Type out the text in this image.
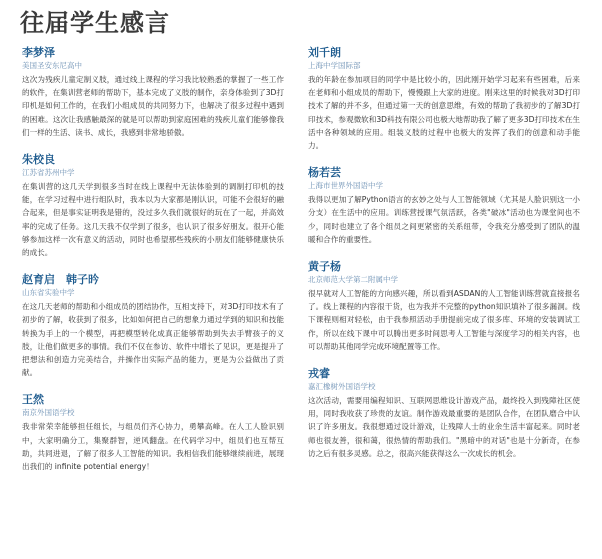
往届学生感言

李梦泽

美国圣安东尼高中

这次为残疾儿童定制义肢，通过线上课程的学习我比较熟悉的掌握了一些工作的软件，在集训营老师的帮助下，基本完成了义肢的制作，亲身体验到了3D打印机是如何工作的，在我们小组成员的共同努力下，也解决了很多过程中遇到的困难。这次让我感触最深的就是可以帮助到家庭困难的残疾儿童们能够像我们一样的生活、读书、成长，我感到非常地骄傲。

朱校良

江苏省苏州中学

在集训营的这几天学到很多当时在线上课程中无法体验到的调制打印机的技能，在学习过程中进行组队时，我本以为大家都是刚认识，可能不会很好的融合起来，但是事实证明我是错的，没过多久我们就很好的玩在了一起，并高效率的完成了任务。这几天我不仅学到了很多，也认识了很多好朋友。很开心能够参加这样一次有意义的活动，同时也希望那些残疾的小朋友们能够健康快乐的成长。

赵育启　韩子昑

山东省实验中学

在这几天老师的帮助和小组成员的团结协作，互相支持下，对3D打印技术有了初步的了解，收获到了很多，比如如何把自己的想象力通过学到的知识和技能转换为手上的一个模型，再把模型转化成真正能够帮助到失去手臂孩子的义肢，让他们做更多的事情。我们不仅在参访、软件中增长了见识，更是提升了把想法和创造力完美结合，并操作出实际产品的能力，更是为公益做出了贡献。

王然

南京外国语学校

我非常荣幸能够担任组长，与组员们齐心协力，勇攀高峰。在人工人脸识别中，大家明确分工，集聚群智，逆风翻盘。在代码学习中，组员们也互帮互助，共同进退，了解了很多人工智能的知识。我相信我们能够继续前进，展现出我们的 infinite potential energy！

刘千朗

上海中学国际部

我的年龄在参加项目的同学中是比较小的，因此刚开始学习起来有些困难，后来在老师和小组成员的帮助下，慢慢跟上大家的进度。刚来这里的时候我对3D打印技术了解的并不多，但通过第一天的创意思维，有效的帮助了我初步的了解3D打印技术，参观微软和3D科技有限公司也极大地帮助我了解了更多3D打印技术在生活中各种领域的应用。组装义肢的过程中也极大的发挥了我们的创意和动手能力。

杨若芸

上海市世界外国语中学

我得以更加了解Python语言的玄妙之处与人工智能领域（尤其是人脸识别这一小分支）在生活中的应用。训练营授课气氛活跃，各类"破冰"活动也为课堂间也不少，同时也建立了各个组员之间更紧密的关系纽带，令我充分感受到了团队的温暖和合作的重要性。

黄子杨

北京师范大学第二附属中学

很早就对人工智能的方向感兴趣，所以看到ASDAN的人工智能训练营就直接报名了。线上课程的内容很干货，也为我并不完整的python知识填补了很多漏洞。线下课程则相对轻松，由于我参照活动手册提前完成了很多库、环境的安装调试工作，所以在线下课中可以腾出更多时间思考人工智能与深度学习的相关内容，也可以帮助其他同学完成环境配置等工作。

戎睿

嘉汇橡树外国语学校

这次活动，需要用编程知识、互联网思维设计游戏产品，最终投入到残障社区使用，同时我收获了珍贵的友谊。制作游戏最重要的是团队合作，在团队磨合中认识了许多朋友。我很想通过设计游戏，让残障人士的业余生活丰富起来。同时老师也很友善，很和蔼，很热情的帮助我们。"黑暗中的对话"也是十分新奇，在参访之后有很多灵感。总之，很高兴能获得这么一次成长的机会。
